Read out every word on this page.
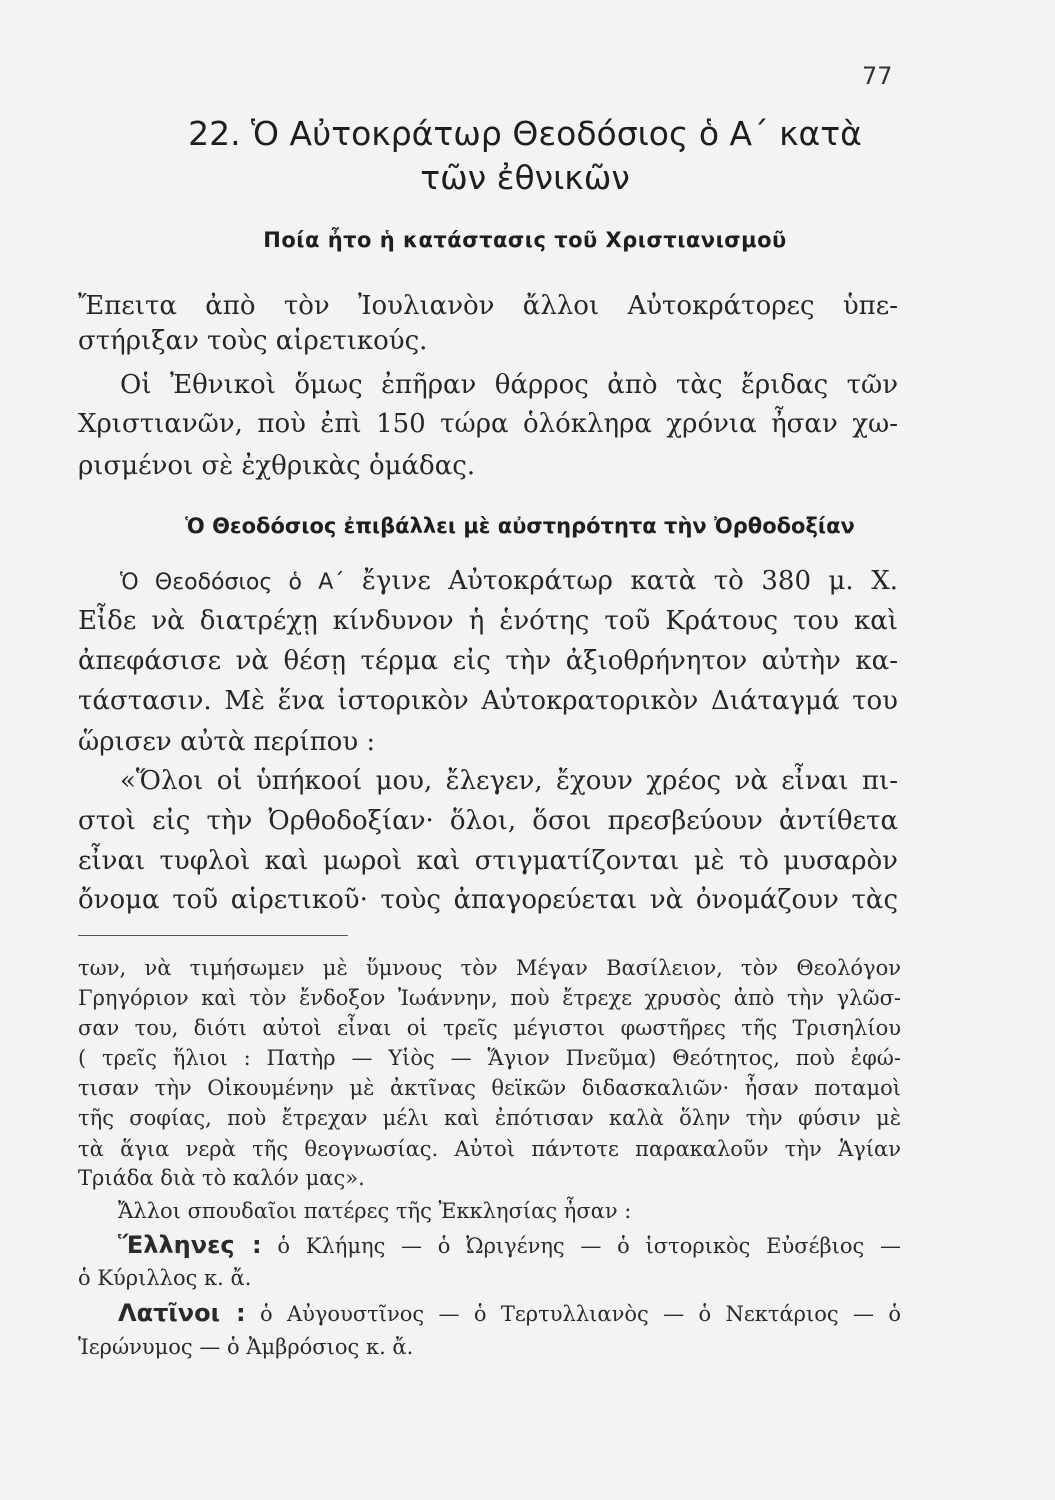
77
22. Ὁ Αὐτοκράτωρ Θεοδόσιος ὁ Α΄ κατὰ
τῶν ἐθνικῶν
Ποία ἦτο ἡ κατάστασις τοῦ Χριστιανισμοῦ
Ἔπειτα ἀπὸ τὸν Ἰουλιανὸν ἄλλοι Αὐτοκράτορες ὑπε-
στήριξαν τοὺς αἱρετικούς.
Οἱ Ἐθνικοὶ ὅμως ἐπῆραν θάρρος ἀπὸ τὰς ἔριδας τῶν
Χριστιανῶν, ποὺ ἐπὶ 150 τώρα ὁλόκληρα χρόνια ἦσαν χω-
ρισμένοι σὲ ἐχθρικὰς ὁμάδας.
Ὁ Θεοδόσιος ἐπιβάλλει μὲ αὐστηρότητα τὴν Ὀρθοδοξίαν
Ὁ Θεοδόσιος ὁ Α΄ ἔγινε Αὐτοκράτωρ κατὰ τὸ 380 μ. Χ.
Εἶδε νὰ διατρέχῃ κίνδυνον ἡ ἑνότης τοῦ Κράτους του καὶ
ἀπεφάσισε νὰ θέσῃ τέρμα εἰς τὴν ἀξιοθρήνητον αὐτὴν κα-
τάστασιν. Μὲ ἕνα ἱστορικὸν Αὐτοκρατορικὸν Διάταγμά του
ὥρισεν αὐτὰ περίπου :
«Ὅλοι οἱ ὑπήκοοί μου, ἔλεγεν, ἔχουν χρέος νὰ εἶναι πι-
στοὶ εἰς τὴν Ὀρθοδοξίαν· ὅλοι, ὅσοι πρεσβεύουν ἀντίθετα
εἶναι τυφλοὶ καὶ μωροὶ καὶ στιγματίζονται μὲ τὸ μυσαρὸν
ὄνομα τοῦ αἱρετικοῦ· τοὺς ἀπαγορεύεται νὰ ὀνομάζουν τὰς
των, νὰ τιμήσωμεν μὲ ὕμνους τὸν Μέγαν Βασίλειον, τὸν Θεολόγον
Γρηγόριον καὶ τὸν ἔνδοξον Ἰωάννην, ποὺ ἔτρεχε χρυσὸς ἀπὸ τὴν γλῶσ-
σαν του, διότι αὐτοὶ εἶναι οἱ τρεῖς μέγιστοι φωστῆρες τῆς Τρισηλίου
( τρεῖς ἥλιοι : Πατὴρ — Υἱὸς — Ἅγιον Πνεῦμα) Θεότητος, ποὺ ἐφώ-
τισαν τὴν Οἰκουμένην μὲ ἀκτῖνας θεϊκῶν διδασκαλιῶν· ἦσαν ποταμοὶ
τῆς σοφίας, ποὺ ἔτρεχαν μέλι καὶ ἐπότισαν καλὰ ὅλην τὴν φύσιν μὲ
τὰ ἅγια νερὰ τῆς θεογνωσίας. Αὐτοὶ πάντοτε παρακαλοῦν τὴν Ἁγίαν
Τριάδα διὰ τὸ καλόν μας».
Ἄλλοι σπουδαῖοι πατέρες τῆς Ἐκκλησίας ἦσαν :
Ἕλληνες : ὁ Κλήμης — ὁ Ὠριγένης — ὁ ἱστορικὸς Εὐσέβιος —
ὁ Κύριλλος κ. ἄ.
Λατῖνοι : ὁ Αὐγουστῖνος — ὁ Τερτυλλιανὸς — ὁ Νεκτάριος — ὁ
Ἱερώνυμος — ὁ Ἀμβρόσιος κ. ἄ.
